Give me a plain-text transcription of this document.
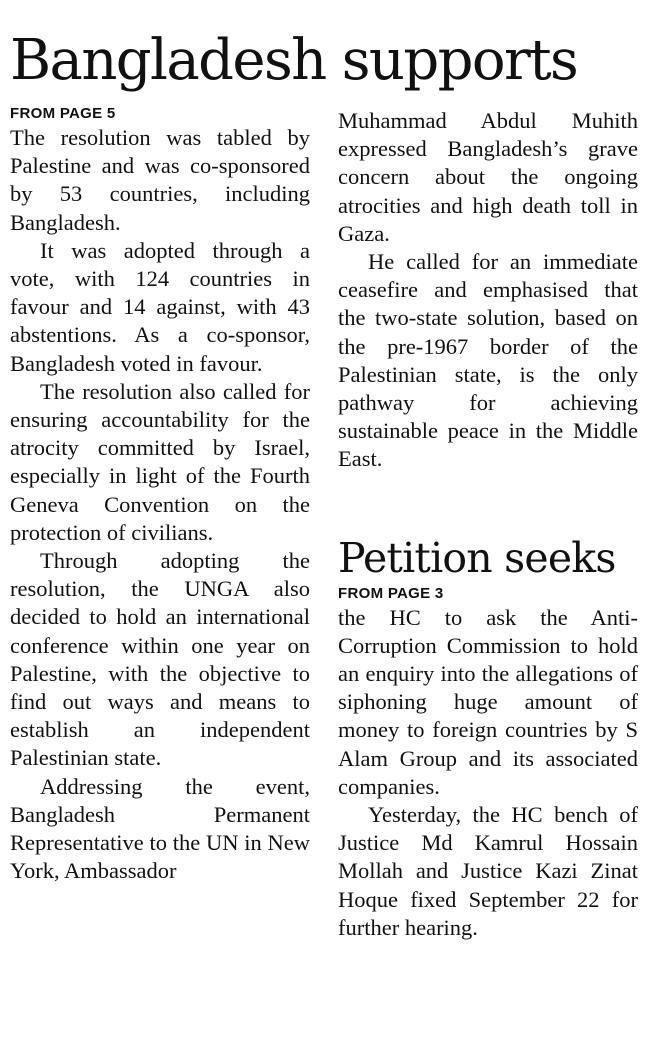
Bangladesh supports

FROM PAGE 5

The resolution was tabled by Palestine and was co-sponsored by 53 countries, including Bangladesh.

It was adopted through a vote, with 124 countries in favour and 14 against, with 43 abstentions. As a co-sponsor, Bangladesh voted in favour.

The resolution also called for ensuring accountability for the atrocity committed by Israel, especially in light of the Fourth Geneva Convention on the protection of civilians.

Through adopting the resolution, the UNGA also decided to hold an international conference within one year on Palestine, with the objective to find out ways and means to establish an independent Palestinian state.

Addressing the event, Bangladesh Permanent Representative to the UN in New York, Ambassador

Muhammad Abdul Muhith expressed Bangladesh’s grave concern about the ongoing atrocities and high death toll in Gaza.

He called for an immediate ceasefire and emphasised that the two-state solution, based on the pre-1967 border of the Palestinian state, is the only pathway for achieving sustainable peace in the Middle East.

Petition seeks

FROM PAGE 3

the HC to ask the Anti-Corruption Commission to hold an enquiry into the allegations of siphoning huge amount of money to foreign countries by S Alam Group and its associated companies.

Yesterday, the HC bench of Justice Md Kamrul Hossain Mollah and Justice Kazi Zinat Hoque fixed September 22 for further hearing.
